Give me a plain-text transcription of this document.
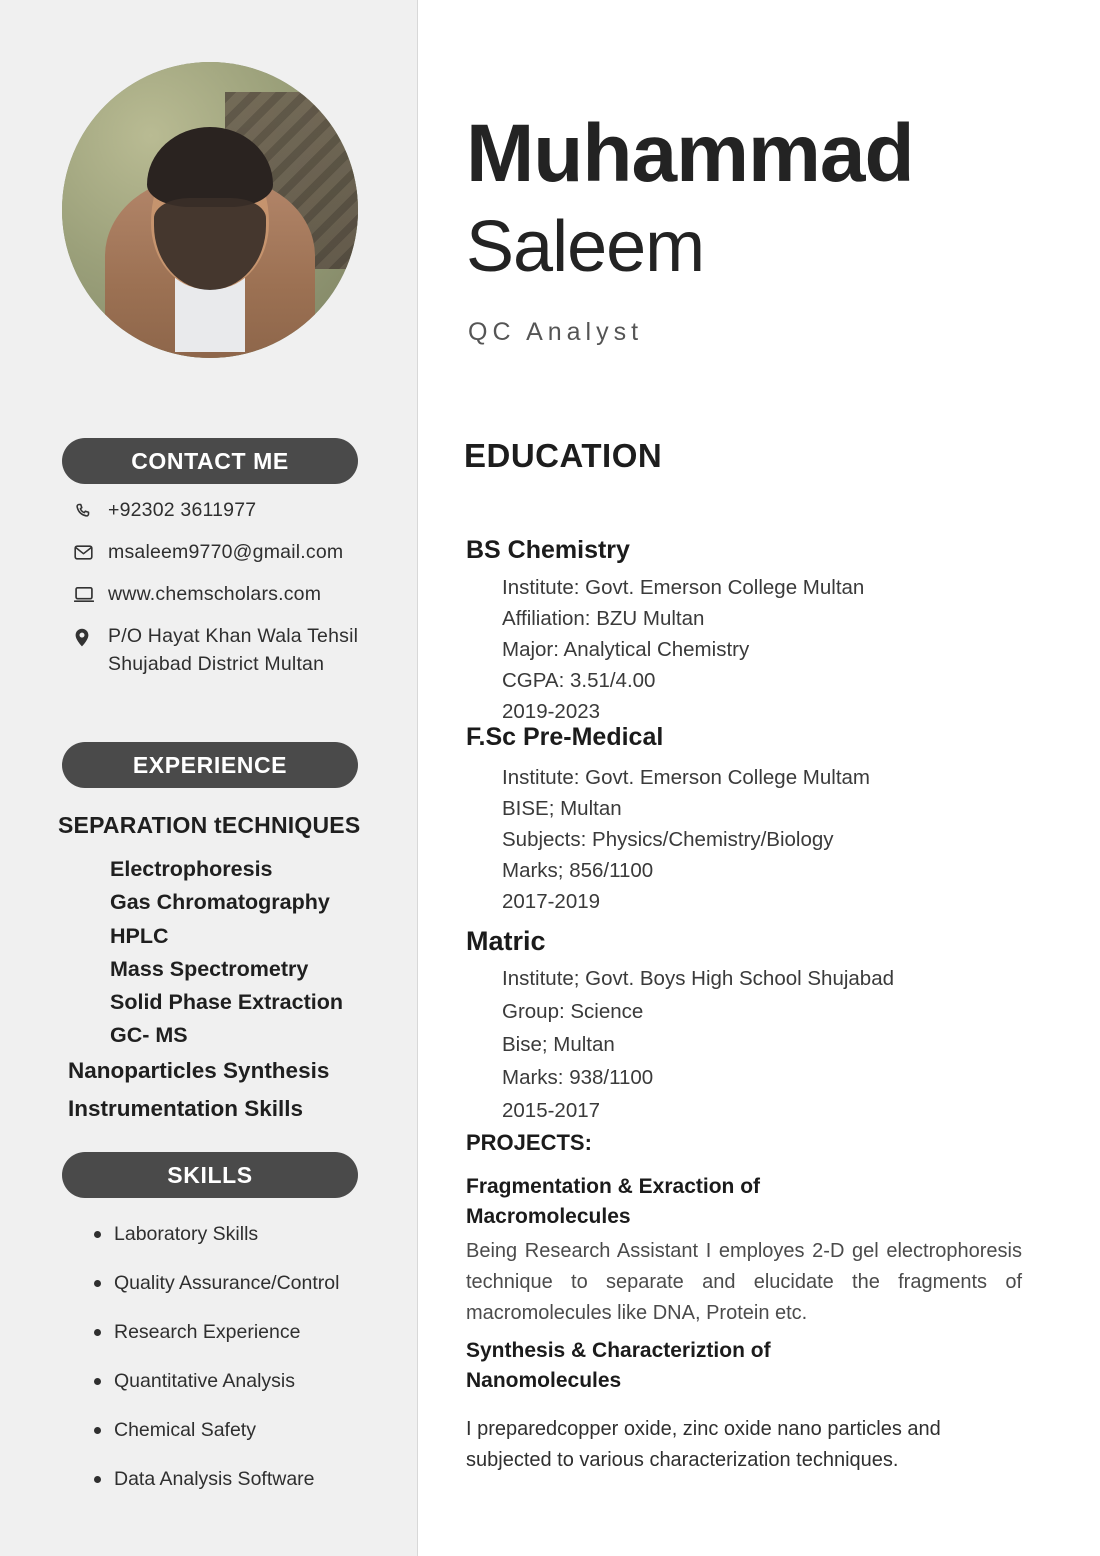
CONTACT ME
+92302 3611977
msaleem9770@gmail.com
www.chemscholars.com
P/O Hayat Khan Wala Tehsil Shujabad District Multan
EXPERIENCE
SEPARATION tECHNIQUES
Electrophoresis
Gas Chromatography
HPLC
Mass Spectrometry
Solid Phase Extraction
GC- MS
Nanoparticles Synthesis
Instrumentation Skills
SKILLS
Laboratory Skills
Quality Assurance/Control
Research Experience
Quantitative Analysis
Chemical Safety
Data Analysis Software
Muhammad
Saleem
QC Analyst
EDUCATION
BS Chemistry
Institute: Govt. Emerson College Multan
Affiliation: BZU Multan
Major: Analytical Chemistry
CGPA: 3.51/4.00
2019-2023
F.Sc Pre-Medical
Institute: Govt. Emerson College Multam
BISE; Multan
Subjects: Physics/Chemistry/Biology
Marks; 856/1100
2017-2019
Matric
Institute; Govt. Boys High School Shujabad
Group: Science
Bise; Multan
Marks: 938/1100
2015-2017
PROJECTS:
Fragmentation & Exraction of Macromolecules
Being Research Assistant I employes 2-D gel electrophoresis technique to separate and elucidate the fragments of macromolecules like DNA, Protein etc.
Synthesis & Characteriztion of Nanomolecules
I preparedcopper oxide, zinc oxide nano particles and subjected to various characterization techniques.
